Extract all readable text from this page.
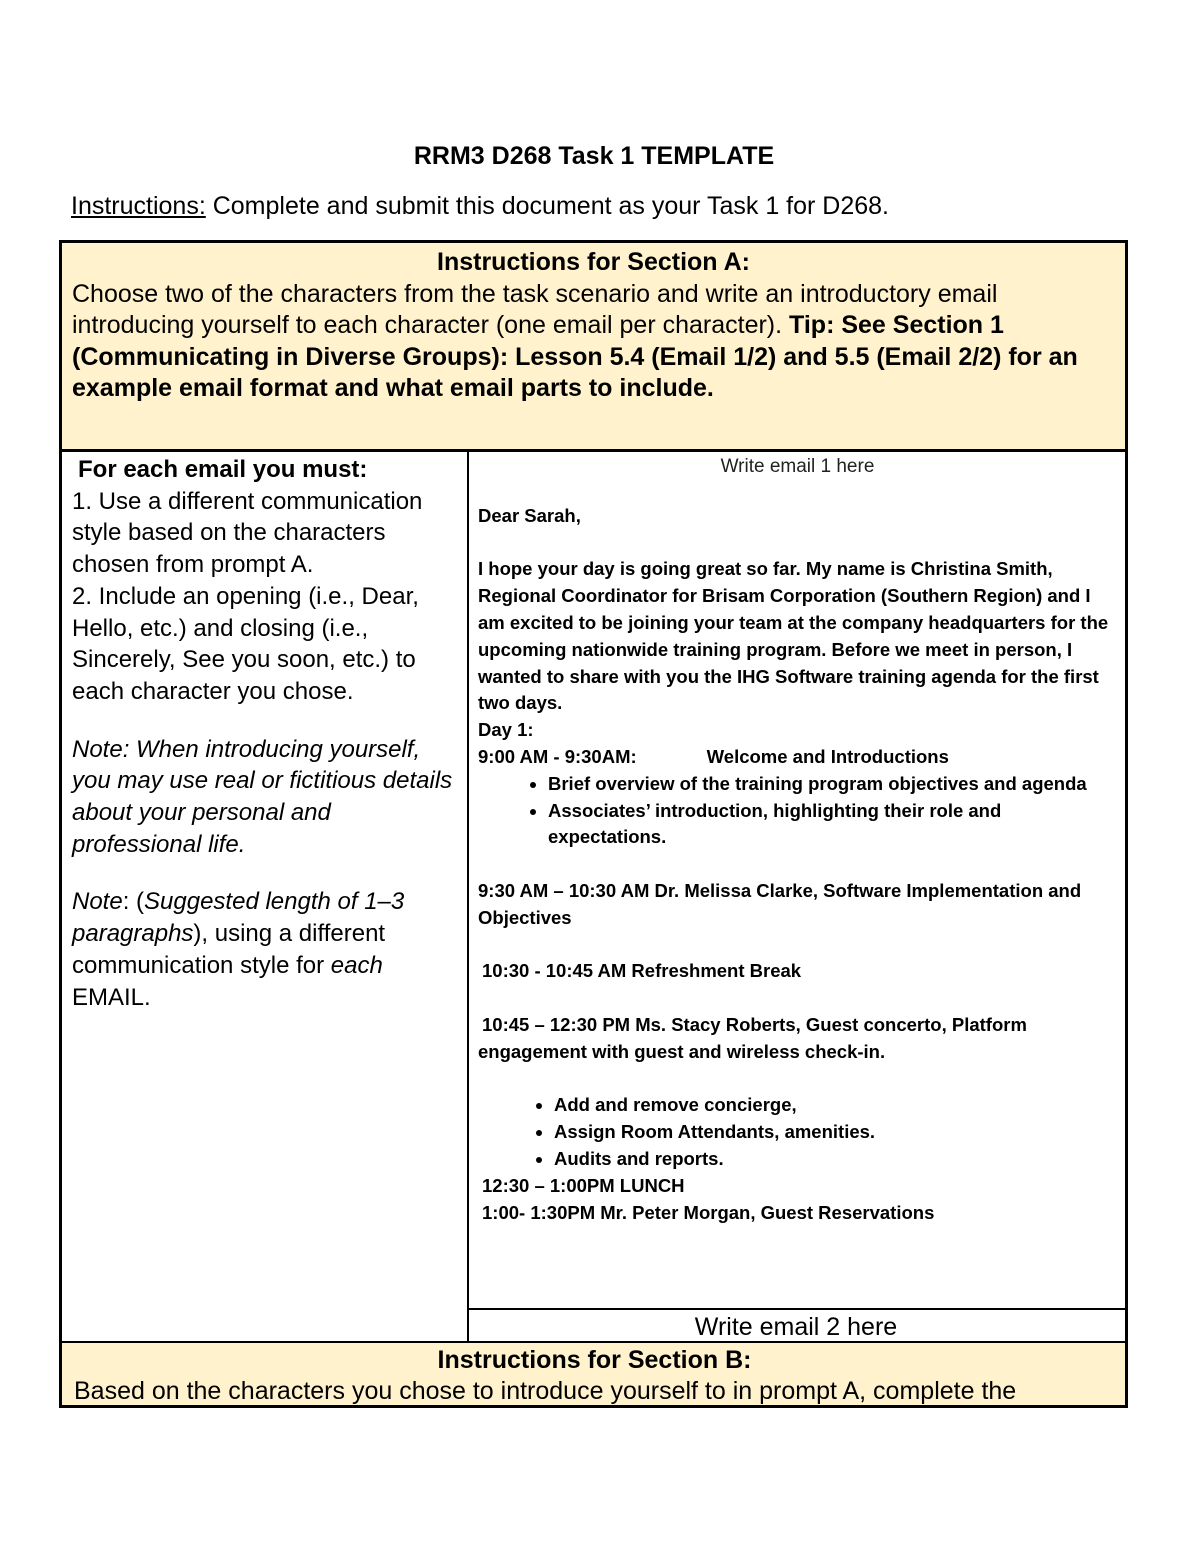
RRM3 D268 Task 1 TEMPLATE
Instructions: Complete and submit this document as your Task 1 for D268.
Instructions for Section A:
Choose two of the characters from the task scenario and write an introductory email introducing yourself to each character (one email per character). Tip: See Section 1 (Communicating in Diverse Groups): Lesson 5.4 (Email 1/2) and 5.5 (Email 2/2) for an example email format and what email parts to include.

For each email you must:

1. Use a different communication style based on the characters chosen from prompt A.

2. Include an opening (i.e., Dear, Hello, etc.) and closing (i.e., Sincerely, See you soon, etc.) to each character you chose.

Note: When introducing yourself, you may use real or fictitious details about your personal and professional life.

Note: (Suggested length of 1–3 paragraphs), using a different communication style for each EMAIL.

Write email 1 here

Dear Sarah,

I hope your day is going great so far. My name is Christina Smith, Regional Coordinator for Brisam Corporation (Southern Region) and I am excited to be joining your team at the company headquarters for the upcoming nationwide training program. Before we meet in person, I wanted to share with you the IHG Software training agenda for the first two days.

Day 1:

9:00 AM - 9:30AM:	Welcome and Introductions

• Brief overview of the training program objectives and agenda
• Associates’ introduction, highlighting their role and expectations.

9:30 AM – 10:30 AM Dr. Melissa Clarke, Software Implementation and Objectives

10:30 - 10:45 AM Refreshment Break

10:45 – 12:30 PM Ms. Stacy Roberts, Guest concerto, Platform engagement with guest and wireless check-in.

• Add and remove concierge,
• Assign Room Attendants, amenities.
• Audits and reports.

12:30 – 1:00PM LUNCH

1:00- 1:30PM Mr. Peter Morgan, Guest Reservations

Write email 2 here
Instructions for Section B:
Based on the characters you chose to introduce yourself to in prompt A, complete the
